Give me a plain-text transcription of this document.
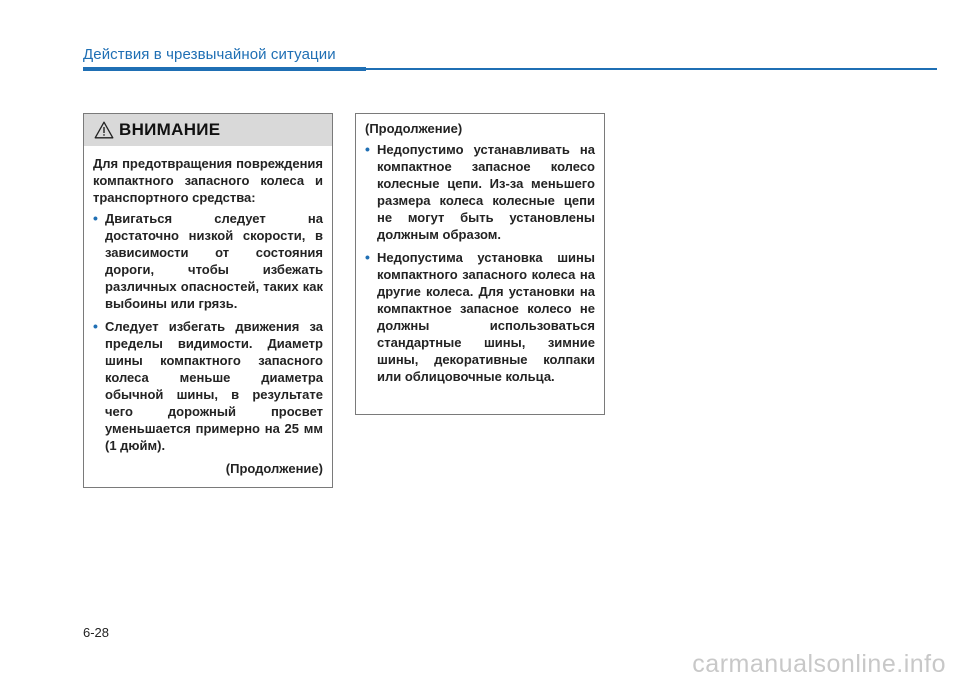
Действия в чрезвычайной ситуации
ВНИМАНИЕ

Для предотвращения повреждения компактного запасного колеса и транспортного средства:

• Двигаться следует на достаточно низкой скорости, в зависимости от состояния дороги, чтобы избежать различных опасностей, таких как выбоины или грязь.
• Следует избегать движения за пределы видимости. Диаметр шины компактного запасного колеса меньше диаметра обычной шины, в результате чего дорожный просвет уменьшается примерно на 25 мм (1 дюйм).
(Продолжение)
(Продолжение)
• Недопустимо устанавливать на компактное запасное колесо колесные цепи. Из-за меньшего размера колеса колесные цепи не могут быть установлены должным образом.
• Недопустима установка шины компактного запасного колеса на другие колеса. Для установки на компактное запасное колесо не должны использоваться стандартные шины, зимние шины, декоративные колпаки или облицовочные кольца.
6-28
carmanualsonline.info
